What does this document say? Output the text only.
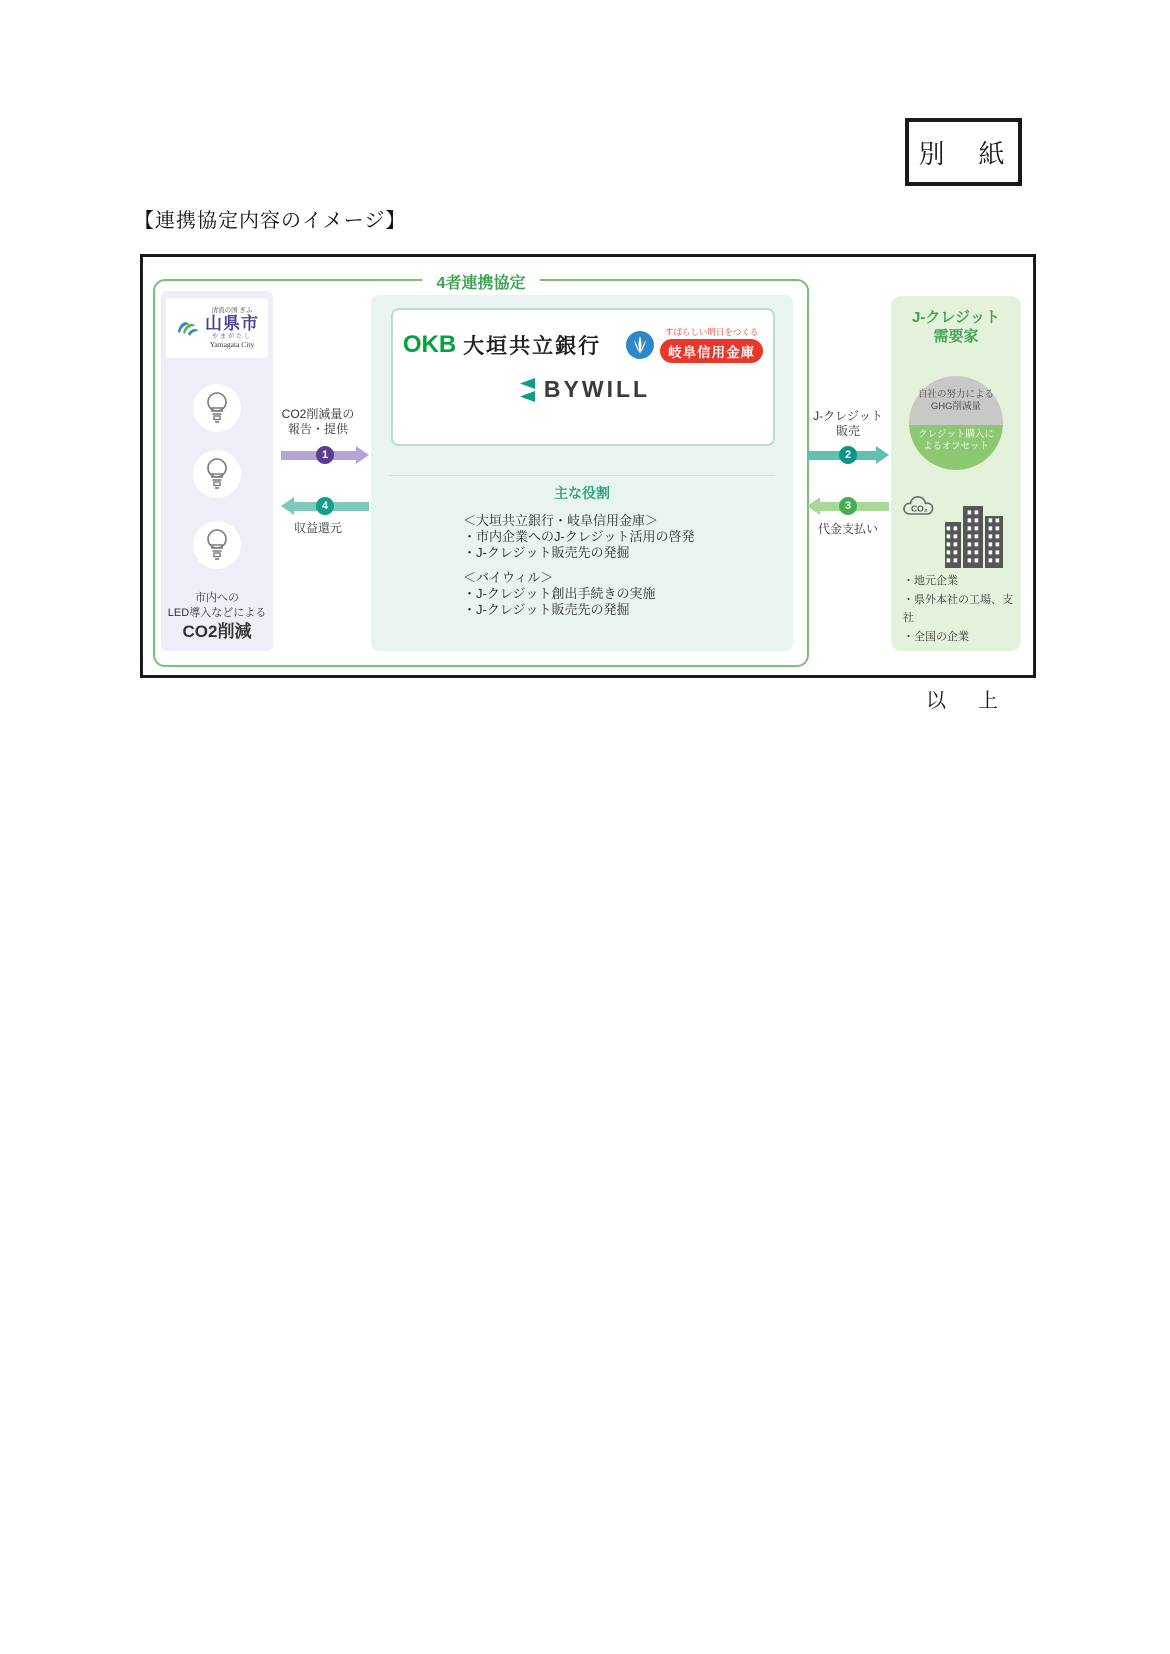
別　紙
【連携協定内容のイメージ】
4者連携協定
清流の国 ぎふ
山県市
やまがたし
Yamagata City
市内への
LED導入などによる
CO2削減
OKB 大垣共立銀行
すばらしい明日をつくる
岐阜信用金庫
BYWILL
主な役割
＜大垣共立銀行・岐阜信用金庫＞
・市内企業へのJ-クレジット活用の啓発
・J-クレジット販売先の発掘
＜バイウィル＞
・J-クレジット創出手続きの実施
・J-クレジット販売先の発掘
J-クレジット
需要家
自社の努力による
GHG削減量
クレジット購入に
よるオフセット
CO₂
・地元企業
・県外本社の工場、支社
・全国の企業
CO2削減量の
報告・提供
1
4
収益還元
J-クレジット
販売
2
3
代金支払い
以　上
